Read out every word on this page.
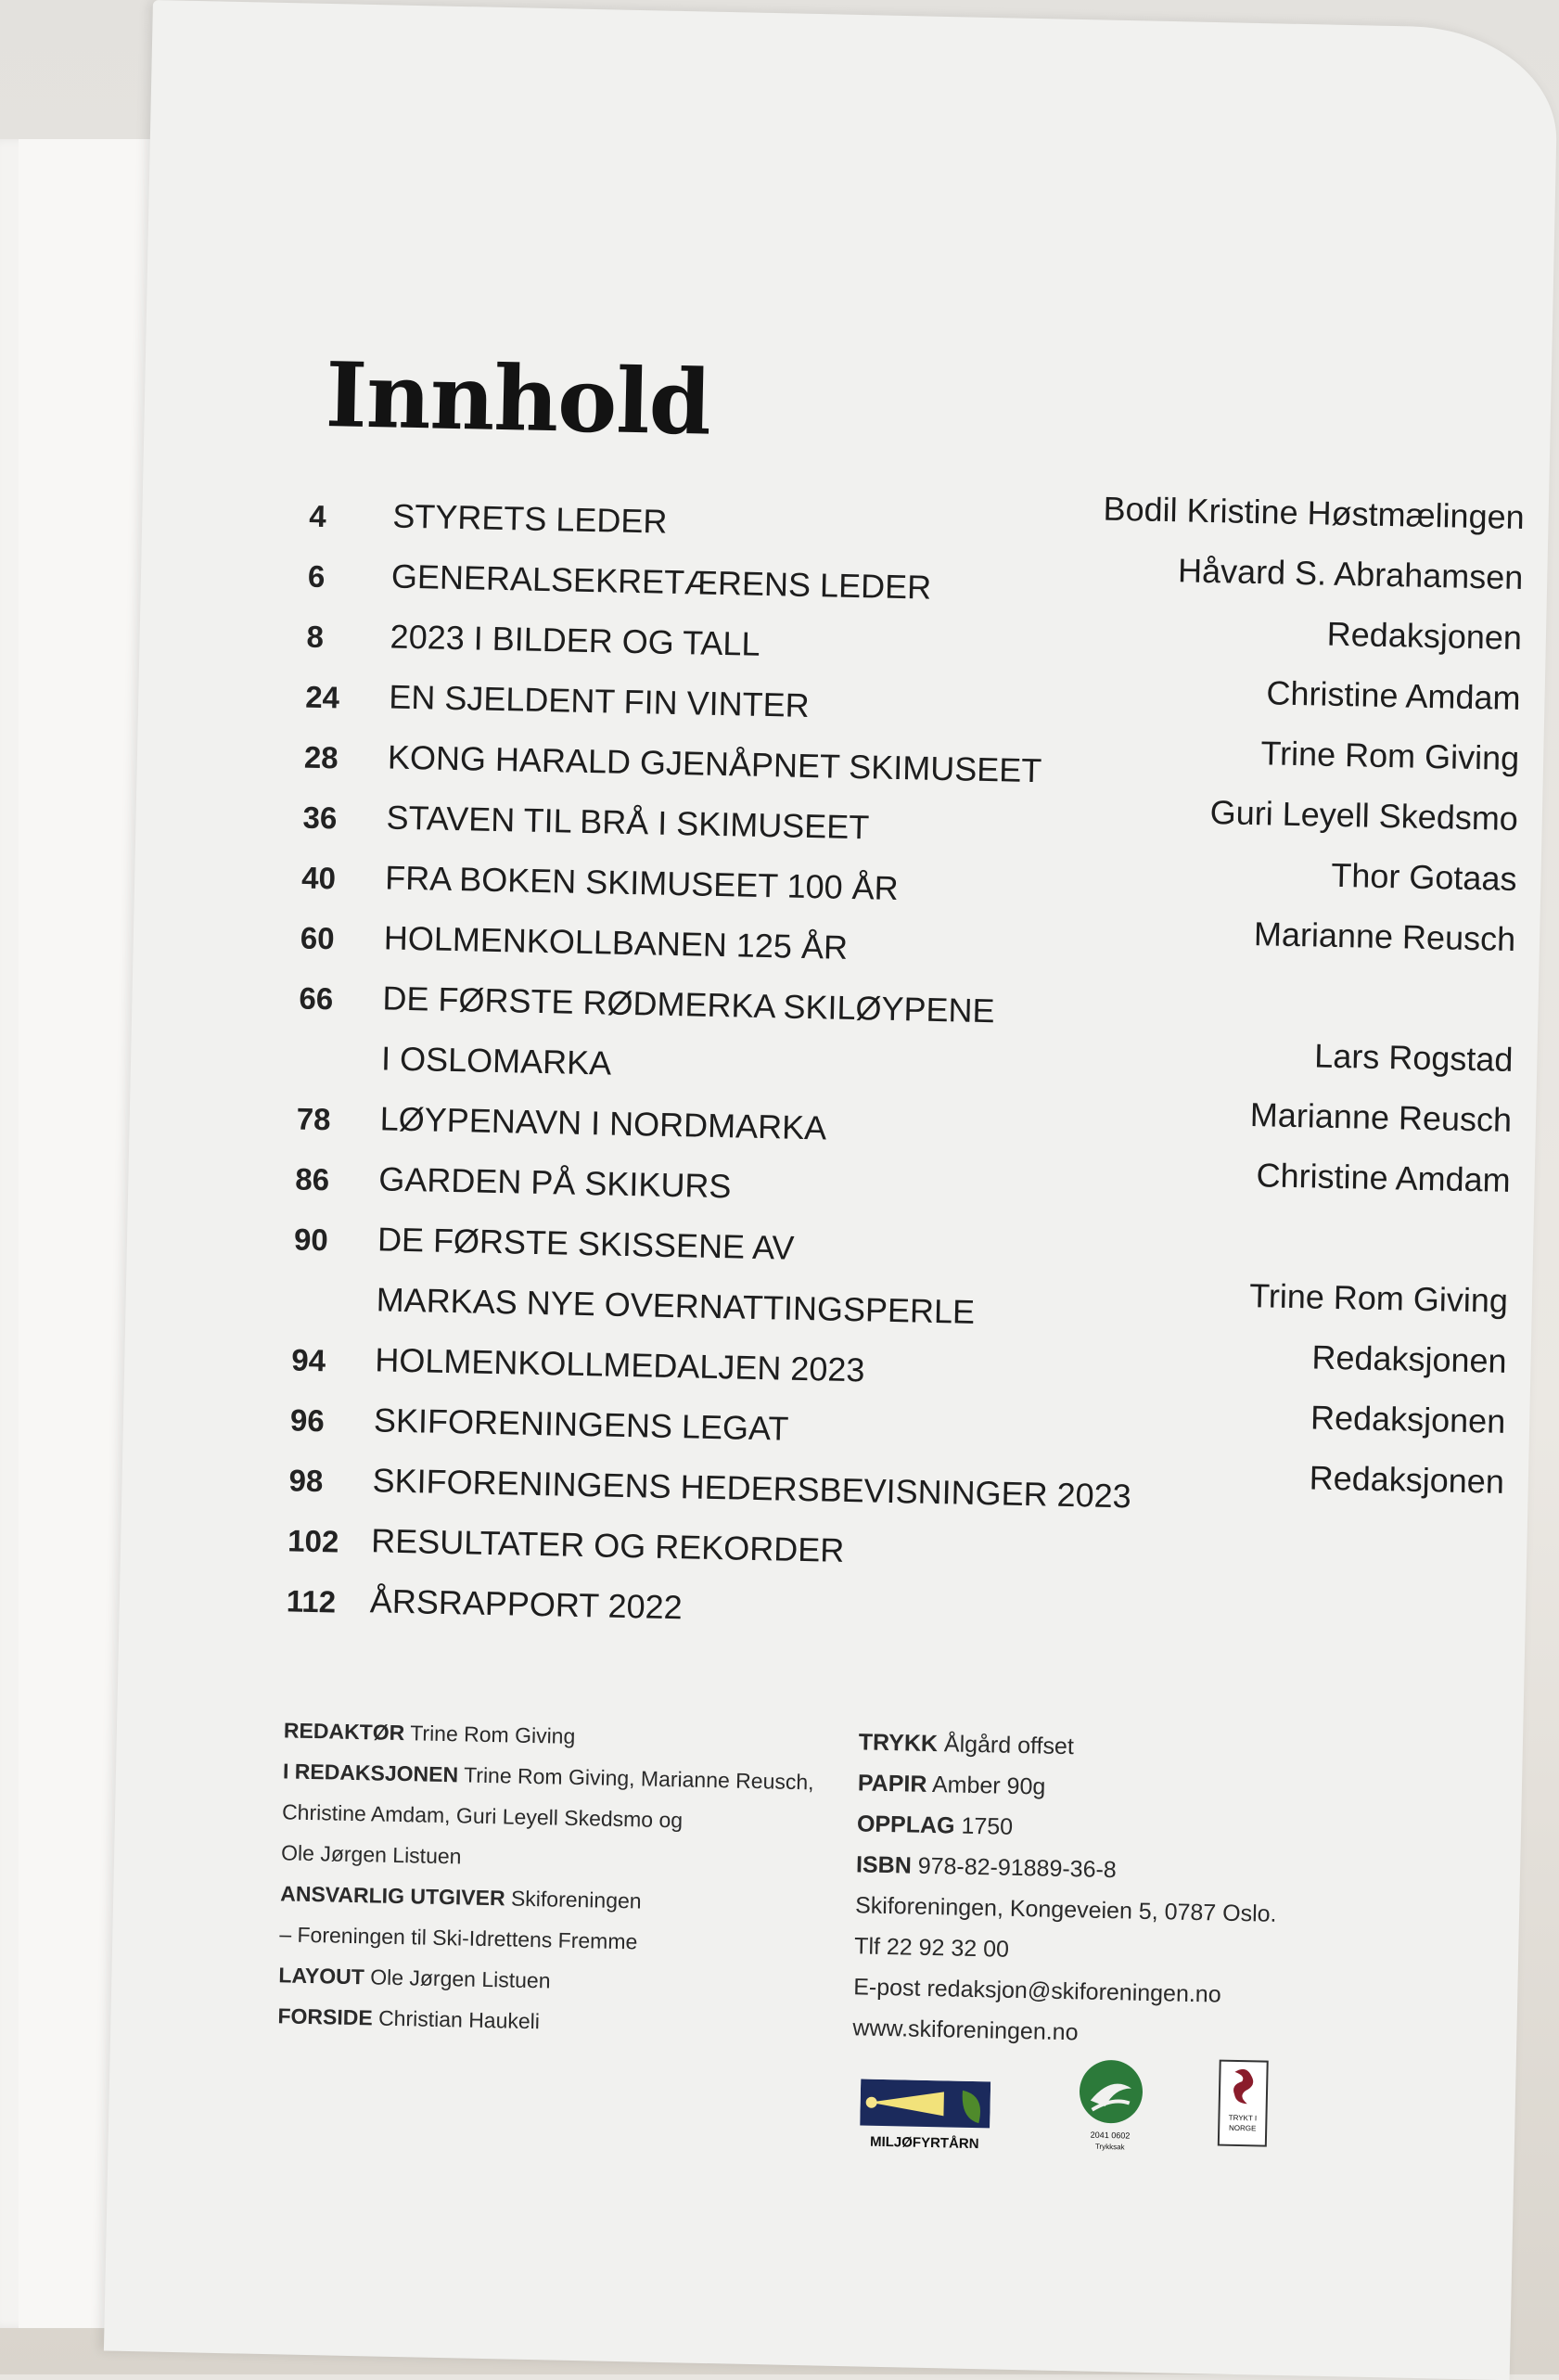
Innhold
4	STYRETS LEDER	Bodil Kristine Høstmælingen
6	GENERALSEKRETÆRENS LEDER	Håvard S. Abrahamsen
8	2023 I BILDER OG TALL	Redaksjonen
24	EN SJELDENT FIN VINTER	Christine Amdam
28	KONG HARALD GJENÅPNET SKIMUSEET	Trine Rom Giving
36	STAVEN TIL BRÅ I SKIMUSEET	Guri Leyell Skedsmo
40	FRA BOKEN SKIMUSEET 100 ÅR	Thor Gotaas
60	HOLMENKOLLBANEN 125 ÅR	Marianne Reusch
66	DE FØRSTE RØDMERKA SKILØYPENE
I OSLOMARKA	Lars Rogstad
78	LØYPENAVN I NORDMARKA	Marianne Reusch
86	GARDEN PÅ SKIKURS	Christine Amdam
90	DE FØRSTE SKISSENE AV
MARKAS NYE OVERNATTINGSPERLE	Trine Rom Giving
94	HOLMENKOLLMEDALJEN 2023	Redaksjonen
96	SKIFORENINGENS LEGAT	Redaksjonen
98	SKIFORENINGENS HEDERSBEVISNINGER 2023	Redaksjonen
102 RESULTATER OG REKORDER
112 ÅRSRAPPORT 2022
REDAKTØR Trine Rom Giving
I REDAKSJONEN Trine Rom Giving, Marianne Reusch,
Christine Amdam, Guri Leyell Skedsmo og
Ole Jørgen Listuen
ANSVARLIG UTGIVER Skiforeningen
– Foreningen til Ski-Idrettens Fremme
LAYOUT Ole Jørgen Listuen
FORSIDE Christian Haukeli
TRYKK Ålgård offset
PAPIR Amber 90g
OPPLAG 1750
ISBN 978-82-91889-36-8
Skiforeningen, Kongeveien 5, 0787 Oslo.
Tlf 22 92 32 00
E-post redaksjon@skiforeningen.no
www.skiforeningen.no
MILJØFYRTÅRN	2041 0602
Trykksak
TRYKT I
NORGE
